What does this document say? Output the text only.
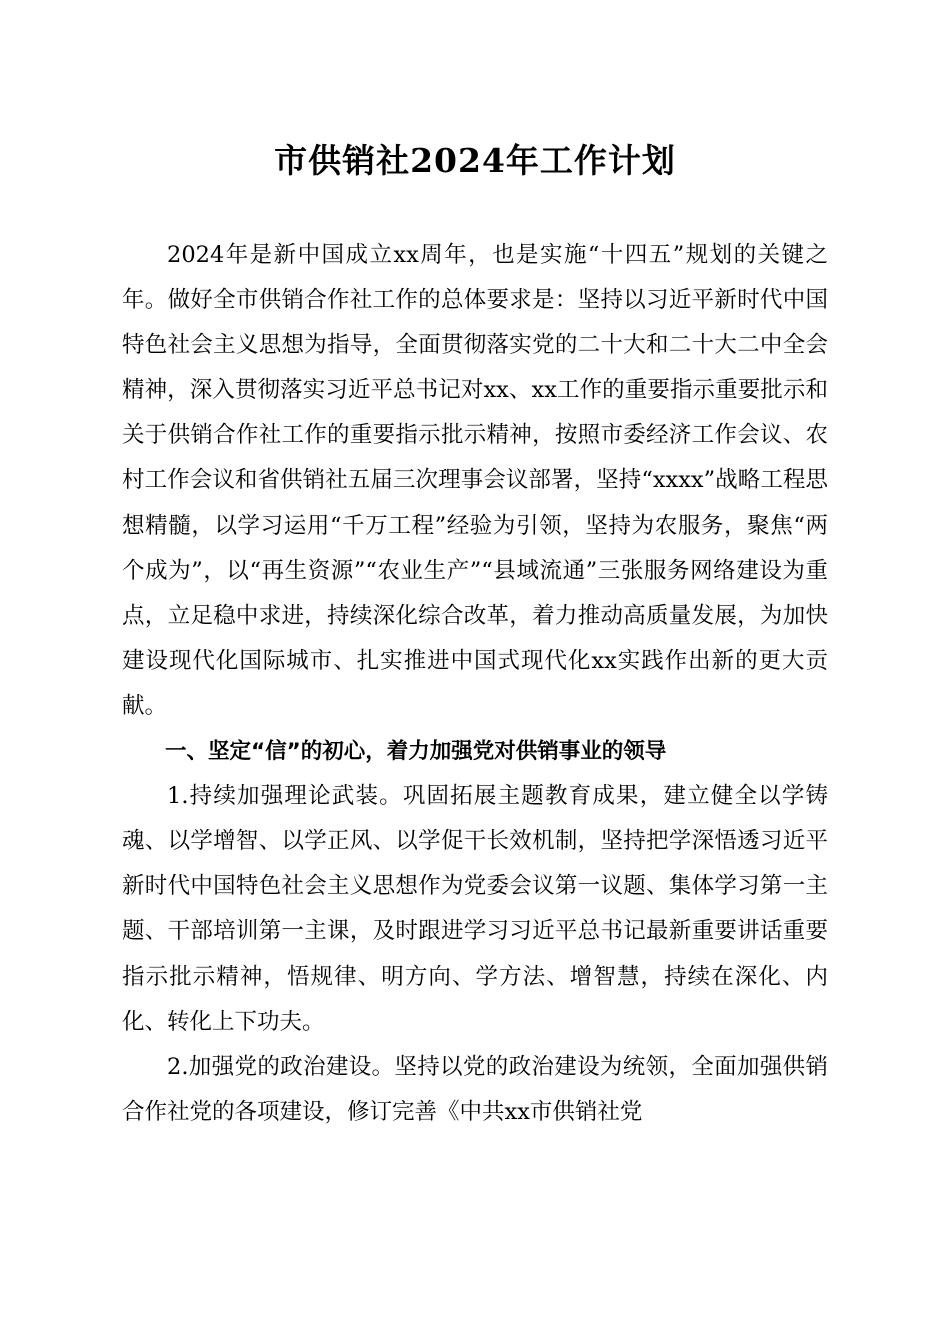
市供销社2024年工作计划

2024年是新中国成立xx周年，也是实施“十四五”规划的关键之年。做好全市供销合作社工作的总体要求是：坚持以习近平新时代中国特色社会主义思想为指导，全面贯彻落实党的二十大和二十大二中全会精神，深入贯彻落实习近平总书记对xx、xx工作的重要指示重要批示和关于供销合作社工作的重要指示批示精神，按照市委经济工作会议、农村工作会议和省供销社五届三次理事会议部署，坚持“xxxx”战略工程思想精髓，以学习运用“千万工程”经验为引领，坚持为农服务，聚焦“两个成为”，以“再生资源”“农业生产”“县域流通”三张服务网络建设为重点，立足稳中求进，持续深化综合改革，着力推动高质量发展，为加快建设现代化国际城市、扎实推进中国式现代化xx实践作出新的更大贡献。

一、坚定“信”的初心，着力加强党对供销事业的领导

1.持续加强理论武装。巩固拓展主题教育成果，建立健全以学铸魂、以学增智、以学正风、以学促干长效机制，坚持把学深悟透习近平新时代中国特色社会主义思想作为党委会议第一议题、集体学习第一主题、干部培训第一主课，及时跟进学习习近平总书记最新重要讲话重要指示批示精神，悟规律、明方向、学方法、增智慧，持续在深化、内化、转化上下功夫。

2.加强党的政治建设。坚持以党的政治建设为统领，全面加强供销合作社党的各项建设，修订完善《中共xx市供销社党
